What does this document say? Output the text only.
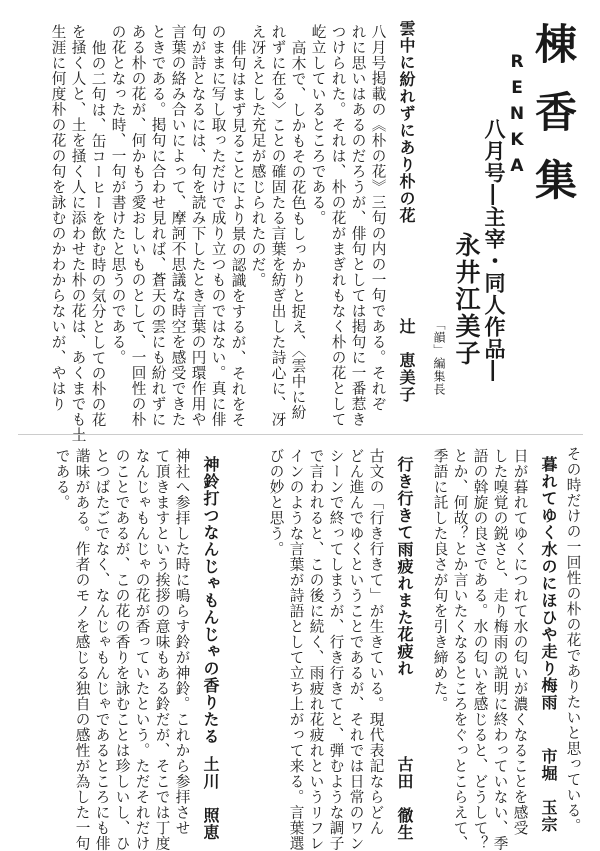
棟香集
RENKA
八月号―主宰・同人作品―
永井江美子
「韻」編集長
雲中に紛れずにあり朴の花
辻　恵美子
八月号掲載の《朴の花》三句の内の一句である。それぞ
れに思いはあるのだろうが、俳句としては掲句に一番惹き
つけられた。それは、朴の花がまぎれもなく朴の花として
屹立しているところである。
高木で、しかもその花色もしっかりと捉え、〈雲中に紛
れずに在る〉ことの確固たる言葉を紡ぎ出した詩心に、冴
え冴えとした充足が感じられたのだ。
俳句はまず見ることにより景の認識をするが、それをそ
のままに写し取っただけで成り立つものではない。真に俳
句が詩となるには、句を読み下したとき言葉の円環作用や
言葉の絡み合いによって、摩訶不思議な時空を感受できた
ときである。掲句に合わせ見れば、蒼天の雲にも紛れずに
ある朴の花が、何かもう愛おしいものとして、一回性の朴
の花となった時、一句が書けたと思うのである。
他の二句は、缶コーヒーを飲む時の気分としての朴の花
を掻く人と、土を掻く人に添わせた朴の花は、あくまでも土
生涯に何度朴の花の句を詠むのかわからないが、やはり
その時だけの一回性の朴の花でありたいと思っている。
暮れてゆく水のにほひや走り梅雨
市堀　玉宗
日が暮れてゆくにつれて水の匂いが濃くなることを感受
した嗅覚の鋭さと、走り梅雨の説明に終わっていない、季
語の斡旋の良さである。水の匂いを感じると、どうして？
とか、何故？とか言いたくなるところをぐっとこらえて、
季語に託した良さが句を引き締めた。
行き行きて雨疲れまた花疲れ
古田　徹生
古文の「行き行きて」が生きている。現代表記ならどん
どん進んでゆくということであるが、それでは日常のワン
シーンで終ってしまうが、行き行きてと、弾むような調子
で言われると、この後に続く、雨疲れ花疲れというリフレ
インのような言葉が詩語として立ち上がって来る。言葉選
びの妙と思う。
神鈴打つなんじゃもんじゃの香りたる
土川　照恵
神社へ参拝した時に鳴らす鈴が神鈴。これから参拝させ
て頂きますという挨拶の意味もある鈴だが、そこでは丁度
なんじゃもんじゃの花が香っていたという。ただそれだけ
のことであるが、この花の香りを詠むことは珍しいし、ひ
とつばたごでなく、なんじゃもんじゃであるところにも俳
諧味がある。作者のモノを感じる独自の感性が為した一句
である。
